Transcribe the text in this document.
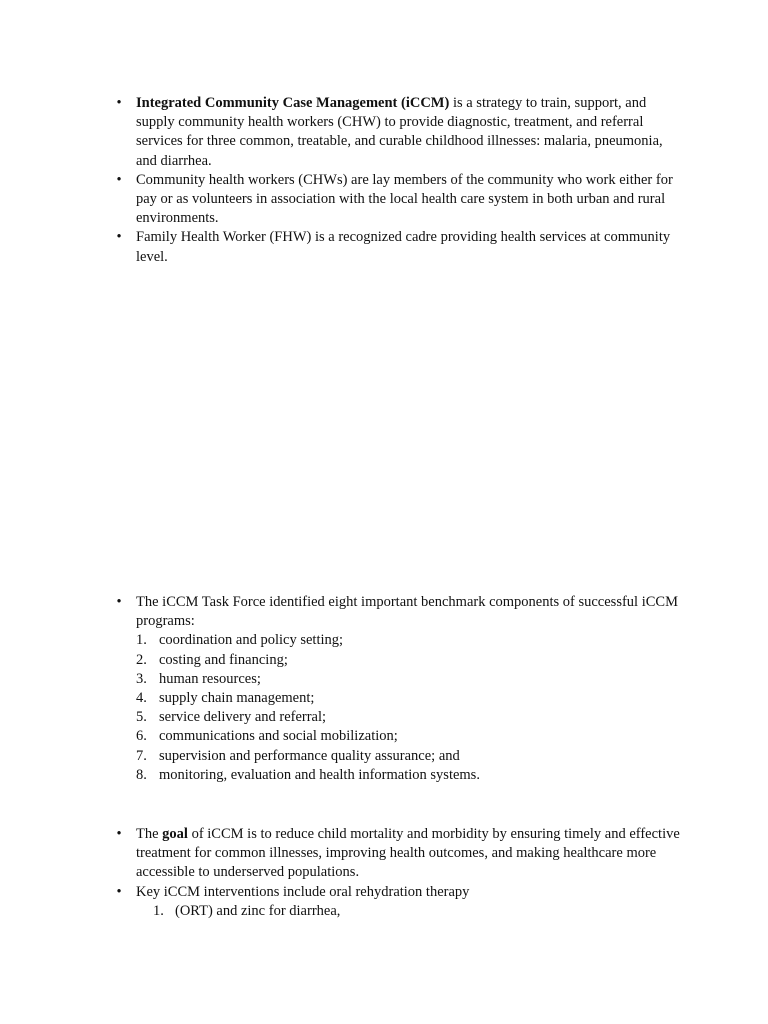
• Integrated Community Case Management (iCCM) is a strategy to train, support, and supply community health workers (CHW) to provide diagnostic, treatment, and referral services for three common, treatable, and curable childhood illnesses: malaria, pneumonia, and diarrhea.
• Community health workers (CHWs) are lay members of the community who work either for pay or as volunteers in association with the local health care system in both urban and rural environments.
• Family Health Worker (FHW) is a recognized cadre providing health services at community level.
• The iCCM Task Force identified eight important benchmark components of successful iCCM programs:
1. coordination and policy setting;
2. costing and financing;
3. human resources;
4. supply chain management;
5. service delivery and referral;
6. communications and social mobilization;
7. supervision and performance quality assurance; and
8. monitoring, evaluation and health information systems.
• The goal of iCCM is to reduce child mortality and morbidity by ensuring timely and effective treatment for common illnesses, improving health outcomes, and making healthcare more accessible to underserved populations.
• Key iCCM interventions include oral rehydration therapy
1. (ORT) and zinc for diarrhea,
